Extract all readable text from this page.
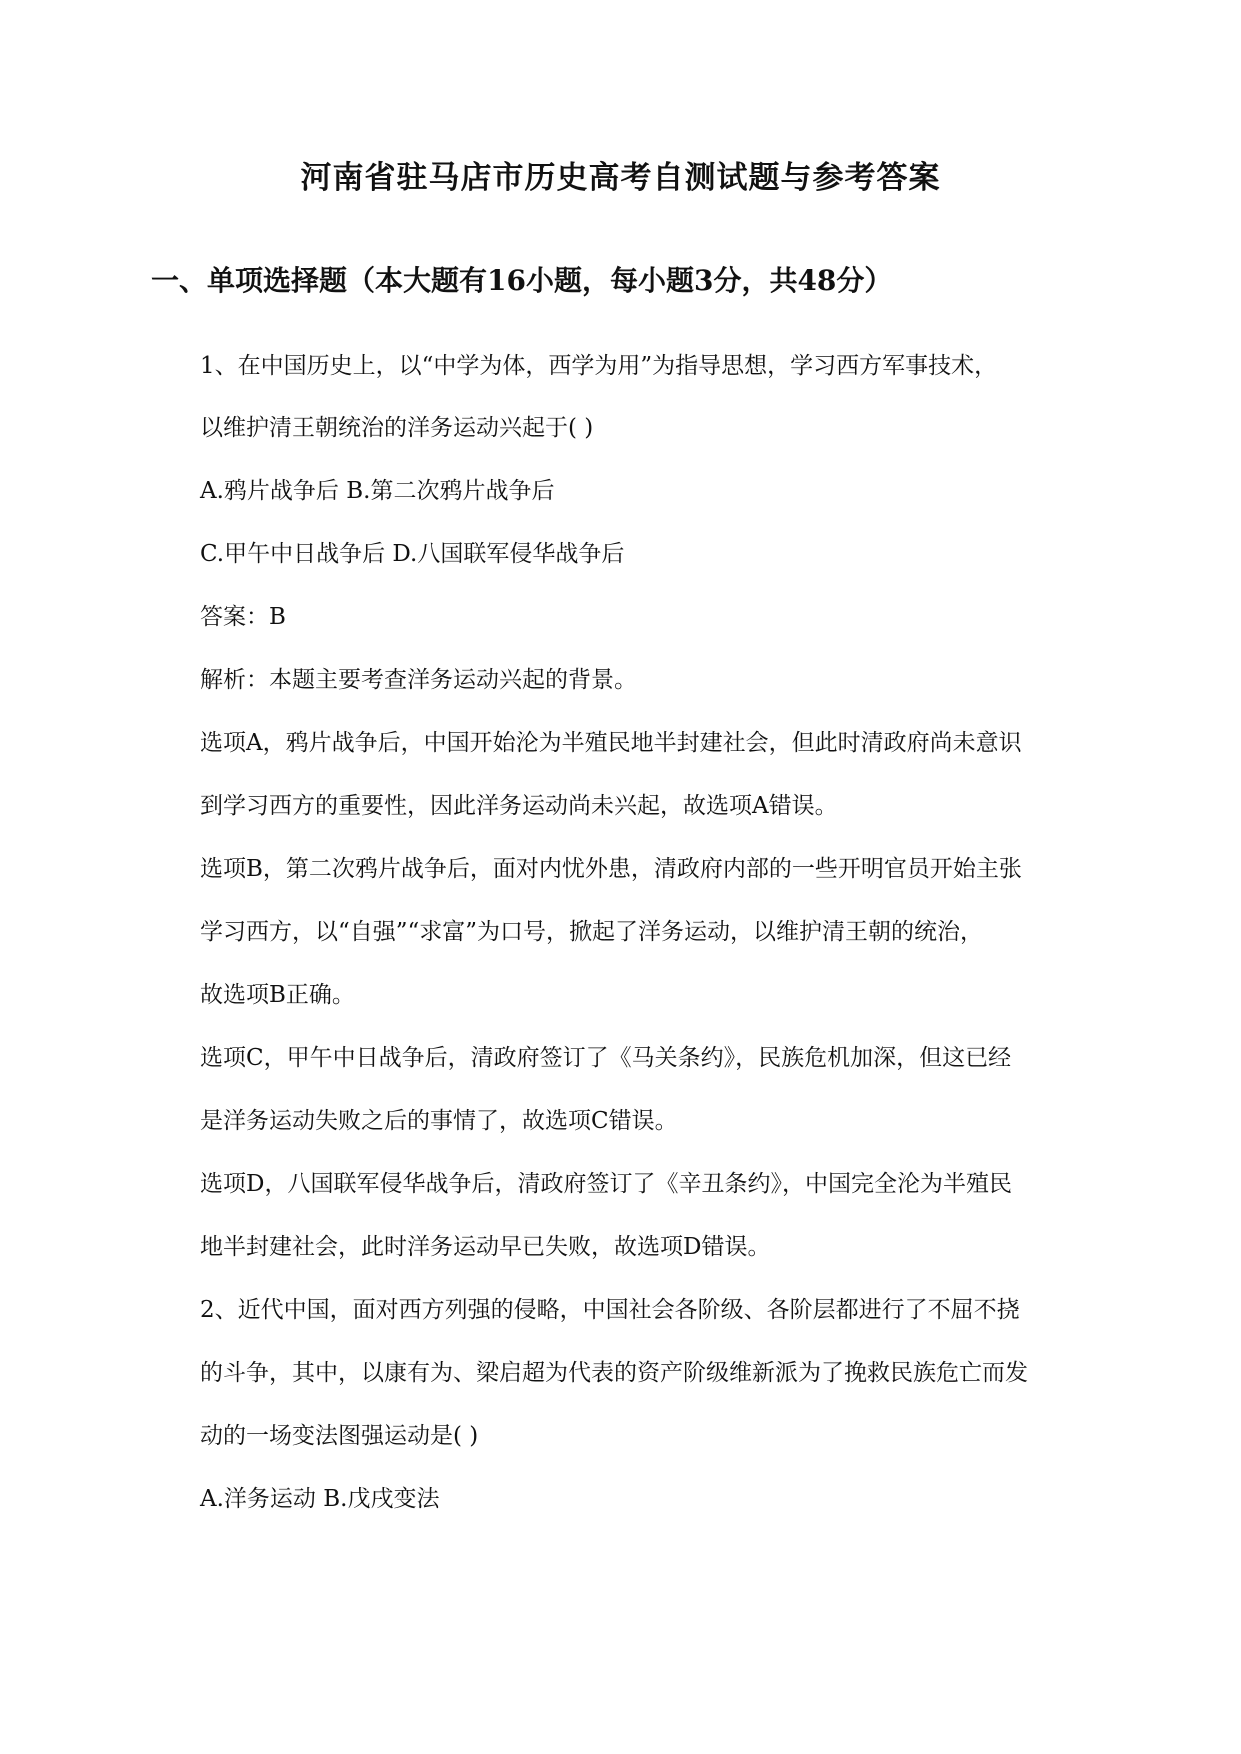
河南省驻马店市历史高考自测试题与参考答案
一、单项选择题（本大题有16小题，每小题3分，共48分）
1、在中国历史上，以“中学为体，西学为用”为指导思想，学习西方军事技术，
以维护清王朝统治的洋务运动兴起于( )
A.鸦片战争后 B.第二次鸦片战争后
C.甲午中日战争后 D.八国联军侵华战争后
答案：B
解析：本题主要考查洋务运动兴起的背景。
选项A，鸦片战争后，中国开始沦为半殖民地半封建社会，但此时清政府尚未意识
到学习西方的重要性，因此洋务运动尚未兴起，故选项A错误。
选项B，第二次鸦片战争后，面对内忧外患，清政府内部的一些开明官员开始主张
学习西方，以“自强”“求富”为口号，掀起了洋务运动，以维护清王朝的统治，
故选项B正确。
选项C，甲午中日战争后，清政府签订了《马关条约》，民族危机加深，但这已经
是洋务运动失败之后的事情了，故选项C错误。
选项D，八国联军侵华战争后，清政府签订了《辛丑条约》，中国完全沦为半殖民
地半封建社会，此时洋务运动早已失败，故选项D错误。
2、近代中国，面对西方列强的侵略，中国社会各阶级、各阶层都进行了不屈不挠
的斗争，其中，以康有为、梁启超为代表的资产阶级维新派为了挽救民族危亡而发
动的一场变法图强运动是( )
A.洋务运动 B.戊戌变法
